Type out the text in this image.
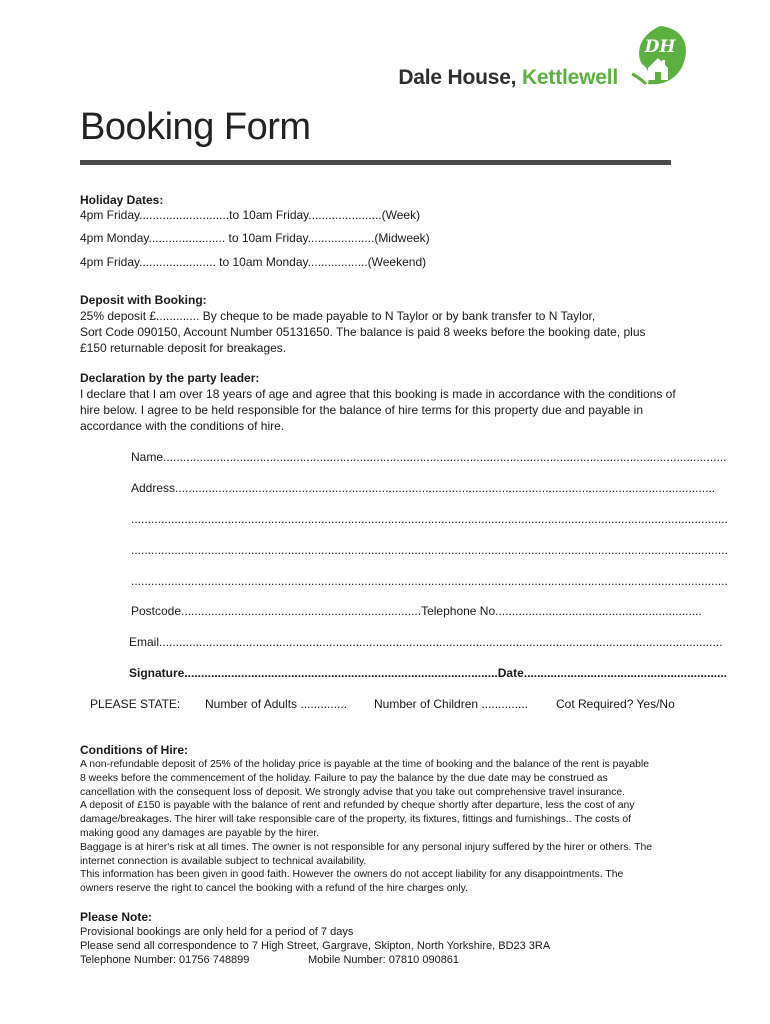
Dale House, Kettlewell
DH
Booking Form
Holiday Dates:
4pm Friday...........................to 10am Friday......................(Week)
4pm Monday....................... to 10am Friday....................(Midweek)
4pm Friday....................... to 10am Monday..................(Weekend)
Deposit with Booking:
25% deposit £............. By cheque to be made payable to N Taylor or by bank transfer to N Taylor,
Sort Code 090150, Account Number 05131650. The balance is paid 8 weeks before the booking date, plus
£150 returnable deposit for breakages.
Declaration by the party leader:
I declare that I am over 18 years of age and agree that this booking is made in accordance with the conditions of
hire below. I agree to be held responsible for the balance of hire terms for this property due and payable in
accordance with the conditions of hire.
Name.........................................................................................................................................................................
Address..................................................................................................................................................................
...................................................................................................................................................................................
...................................................................................................................................................................................
...................................................................................................................................................................................
Postcode........................................................................Telephone No..............................................................
Email.........................................................................................................................................................................
Signature..............................................................................................Date.............................................................
PLEASE STATE: Number of Adults .............. Number of Children .............. Cot Required? Yes/No
Conditions of Hire:
A non-refundable deposit of 25% of the holiday price is payable at the time of booking and the balance of the rent is payable
8 weeks before the commencement of the holiday. Failure to pay the balance by the due date may be construed as
cancellation with the consequent loss of deposit. We strongly advise that you take out comprehensive travel insurance.
A deposit of £150 is payable with the balance of rent and refunded by cheque shortly after departure, less the cost of any
damage/breakages. The hirer will take responsible care of the property, its fixtures, fittings and furnishings.. The costs of
making good any damages are payable by the hirer.
Baggage is at hirer's risk at all times. The owner is not responsible for any personal injury suffered by the hirer or others. The
internet connection is available subject to technical availability.
This information has been given in good faith. However the owners do not accept liability for any disappointments. The
owners reserve the right to cancel the booking with a refund of the hire charges only.
Please Note:
Provisional bookings are only held for a period of 7 days
Please send all correspondence to 7 High Street, Gargrave, Skipton, North Yorkshire, BD23 3RA
Telephone Number: 01756 748899	Mobile Number: 07810 090861
